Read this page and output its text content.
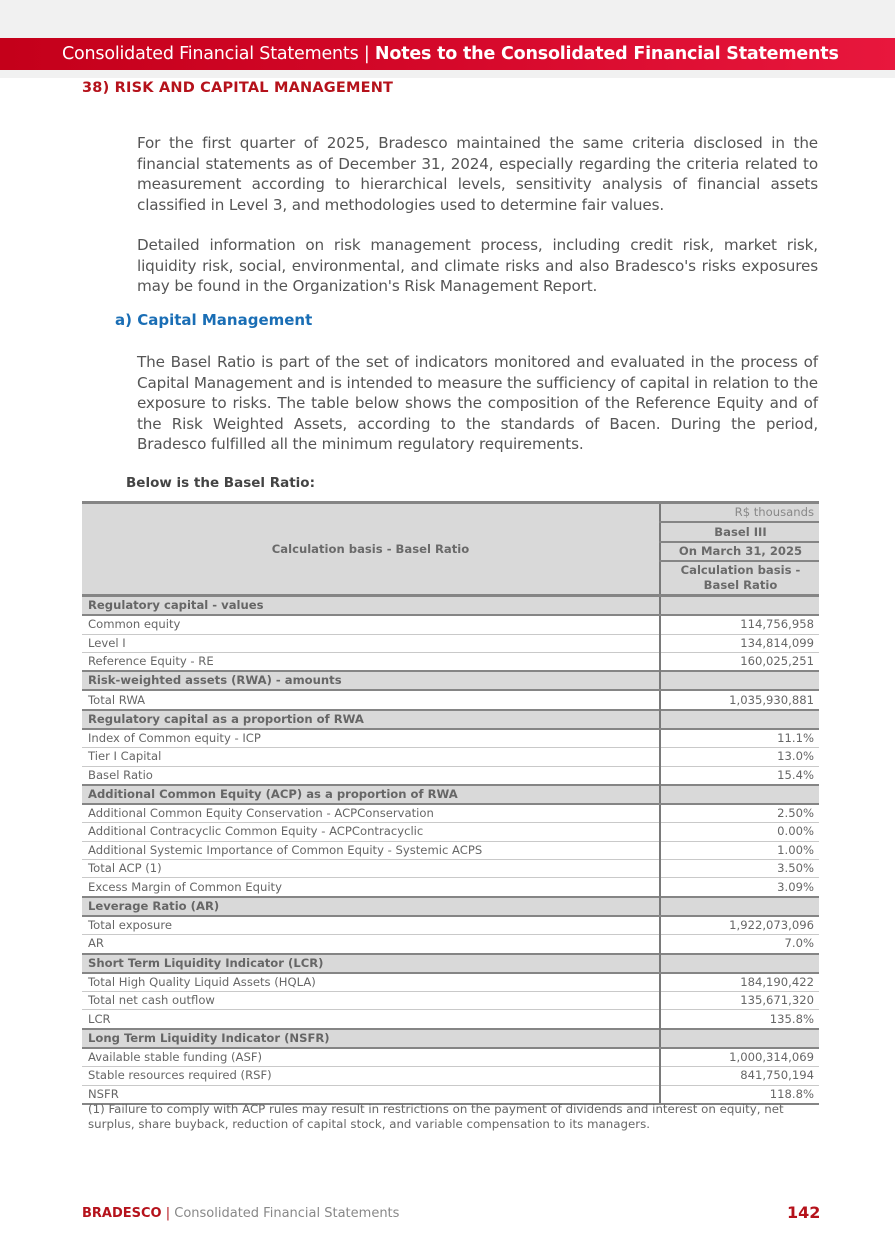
Consolidated Financial Statements | Notes to the Consolidated Financial Statements
38) RISK AND CAPITAL MANAGEMENT
For the first quarter of 2025, Bradesco maintained the same criteria disclosed in the financial statements as of December 31, 2024, especially regarding the criteria related to measurement according to hierarchical levels, sensitivity analysis of financial assets classified in Level 3, and methodologies used to determine fair values.
Detailed information on risk management process, including credit risk, market risk, liquidity risk, social, environmental, and climate risks and also Bradesco's risks exposures may be found in the Organization's Risk Management Report.
a) Capital Management
The Basel Ratio is part of the set of indicators monitored and evaluated in the process of Capital Management and is intended to measure the sufficiency of capital in relation to the exposure to risks. The table below shows the composition of the Reference Equity and of the Risk Weighted Assets, according to the standards of Bacen. During the period, Bradesco fulfilled all the minimum regulatory requirements.
Below is the Basel Ratio:
Calculation basis - Basel Ratio	R$ thousands
	Basel III
	On March 31, 2025
	Calculation basis - Basel Ratio
Regulatory capital - values	
Common equity	114,756,958
Level I	134,814,099
Reference Equity - RE	160,025,251
Risk-weighted assets (RWA) - amounts	
Total RWA	1,035,930,881
Regulatory capital as a proportion of RWA	
Index of Common equity - ICP	11.1%
Tier I Capital	13.0%
Basel Ratio	15.4%
Additional Common Equity (ACP) as a proportion of RWA	
Additional Common Equity Conservation - ACPConservation	2.50%
Additional Contracyclic Common Equity - ACPContracyclic	0.00%
Additional Systemic Importance of Common Equity - Systemic ACPS	1.00%
Total ACP (1)	3.50%
Excess Margin of Common Equity	3.09%
Leverage Ratio (AR)	
Total exposure	1,922,073,096
AR	7.0%
Short Term Liquidity Indicator (LCR)	
Total High Quality Liquid Assets (HQLA)	184,190,422
Total net cash outflow	135,671,320
LCR	135.8%
Long Term Liquidity Indicator (NSFR)	
Available stable funding (ASF)	1,000,314,069
Stable resources required (RSF)	841,750,194
NSFR	118.8%
(1) Failure to comply with ACP rules may result in restrictions on the payment of dividends and interest on equity, net surplus, share buyback, reduction of capital stock, and variable compensation to its managers.
BRADESCO | Consolidated Financial Statements	142
